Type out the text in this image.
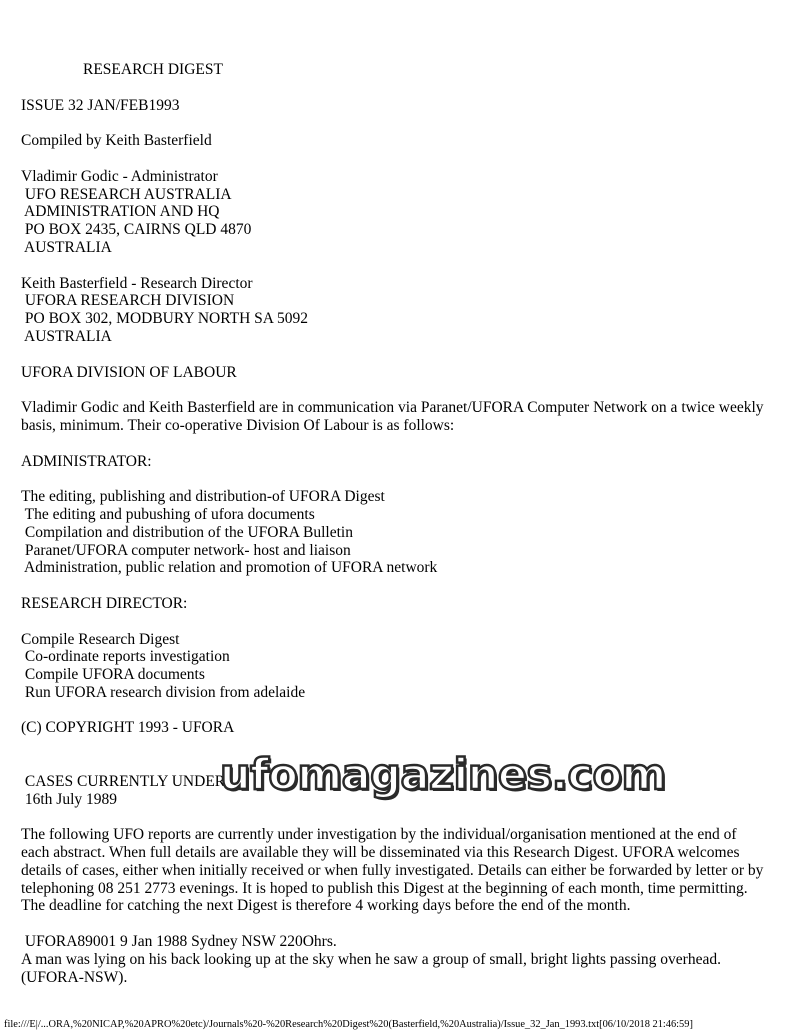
RESEARCH DIGEST
ISSUE 32 JAN/FEB1993
Compiled by Keith Basterfield
Vladimir Godic - Administrator
UFO RESEARCH AUSTRALIA
ADMINISTRATION AND HQ
PO BOX 2435, CAIRNS QLD 4870
AUSTRALIA
Keith Basterfield - Research Director
UFORA RESEARCH DIVISION
PO BOX 302, MODBURY NORTH SA 5092
AUSTRALIA
UFORA DIVISION OF LABOUR

Vladimir Godic and Keith Basterfield are in communication via Paranet/UFORA Computer Network on a twice weekly basis, minimum. Their co-operative Division Of Labour is as follows:

ADMINISTRATOR:
The editing, publishing and distribution-of UFORA Digest
The editing and pubushing of ufora documents
Compilation and distribution of the UFORA Bulletin
Paranet/UFORA computer network- host and liaison
Administration, public relation and promotion of UFORA network
RESEARCH DIRECTOR:
Compile Research Digest
Co-ordinate reports investigation
Compile UFORA documents
Run UFORA research division from adelaide
(C) COPYRIGHT 1993 - UFORA
CASES CURRENTLY UNDER
16th July 1989

The following UFO reports are currently under investigation by the individual/organisation mentioned at the end of each abstract. When full details are available they will be disseminated via this Research Digest. UFORA welcomes details of cases, either when initially received or when fully investigated. Details can either be forwarded by letter or by telephoning 08 251 2773 evenings. It is hoped to publish this Digest at the beginning of each month, time permitting. The deadline for catching the next Digest is therefore 4 working days before the end of the month.

UFORA89001 9 Jan 1988 Sydney NSW 220Ohrs.
A man was lying on his back looking up at the sky when he saw a group of small, bright lights passing overhead. (UFORA-NSW).
ufomagazines.com
file:///E|/...ORA,%20NICAP,%20APRO%20etc)/Journals%20-%20Research%20Digest%20(Basterfield,%20Australia)/Issue_32_Jan_1993.txt[06/10/2018 21:46:59]
